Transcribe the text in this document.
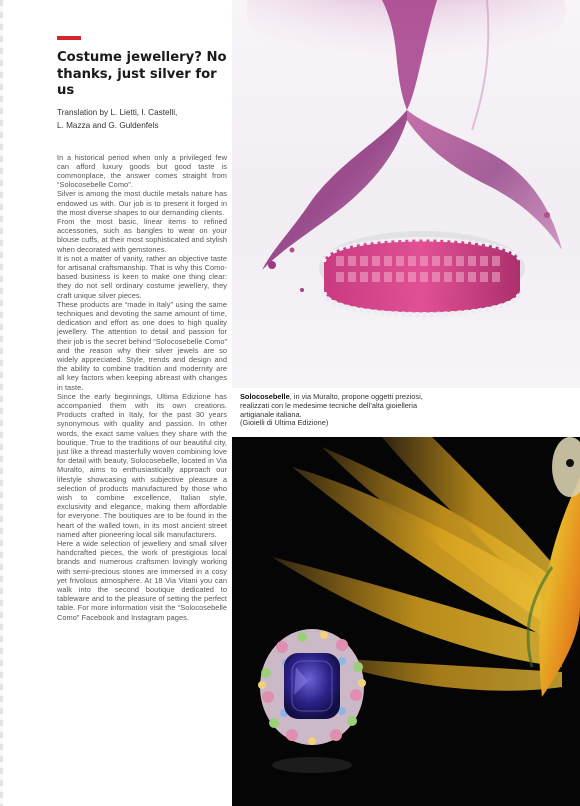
Costume jewellery? No thanks, just silver for us

Translation by L. Lietti, I. Castelli,
L. Mazza and G. Guldenfels

In a historical period when only a privileged few can afford luxury goods but good taste is commonplace, the answer comes straight from “Solocosebelle Como”.

Silver is among the most ductile metals nature has endowed us with. Our job is to present it forged in the most diverse shapes to our demanding clients.

From the most basic, linear items to refined accessories, such as bangles to wear on your blouse cuffs, at their most sophisticated and stylish when decorated with gemstones.

It is not a matter of vanity, rather an objective taste for artisanal craftsmanship. That is why this Como-based business is keen to make one thing clear: they do not sell ordinary costume jewellery, they craft unique silver pieces.

These products are “made in Italy” using the same techniques and devoting the same amount of time, dedication and effort as one does to high quality jewellery. The attention to detail and passion for their job is the secret behind “Solocosebelle Como” and the reason why their silver jewels are so widely appreciated. Style, trends and design and the ability to combine tradition and modernity are all key factors when keeping abreast with changes in taste.

Since the early beginnings, Ultima Edizione has accompanied them with its own creations. Products crafted in Italy, for the past 30 years synonymous with quality and passion. In other words, the exact same values they share with the boutique. True to the traditions of our beautiful city, just like a thread masterfully woven combining love for detail with beauty, Solocosebelle, located in Via Muralto, aims to enthusiastically approach our lifestyle showcasing with subjective pleasure a selection of products manufactured by those who wish to combine excellence, Italian style, exclusivity and elegance, making them affordable for everyone. The boutiques are to be found in the heart of the walled town, in its most ancient street named after pioneering local silk manufacturers.

Here a wide selection of jewellery and small silver handcrafted pieces, the work of prestigious local brands and numerous craftsmen lovingly working with semi-precious stones are immersed in a cosy yet frivolous atmosphere. At 18 Via Vitani you can walk into the second boutique dedicated to tableware and to the pleasure of setting the perfect table. For more information visit the “Solocosebelle Como” Facebook and Instagram pages.

Solocosebelle, in via Muralto, propone oggetti preziosi, realizzati con le medesime tecniche dell’alta gioielleria artigianale italiana.
(Gioielli di Ultima Edizione)
